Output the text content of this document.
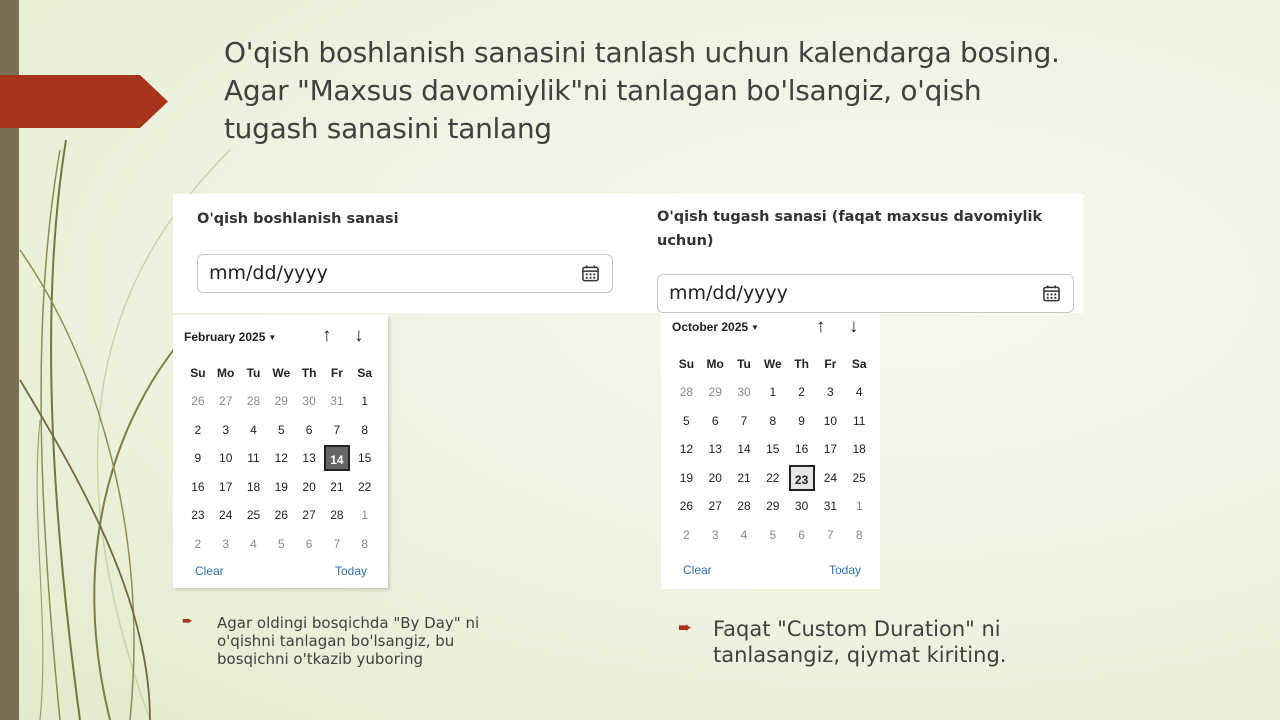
O'qish boshlanish sanasini tanlash uchun kalendarga bosing.
Agar "Maxsus davomiylik"ni tanlagan bo'lsangiz, o'qish
tugash sanasini tanlang
O'qish boshlanish sanasi
mm/dd/yyyy
O'qish tugash sanasi (faqat maxsus davomiylik
uchun)
mm/dd/yyyy
February 2025 ▼ ↑ ↓
Su Mo	Tu	We Th	Fr	Sa
26	27	28	29	30	31	1
2	3	4	5	6	7	8
9	10	11	12	13	14	15
16	17	18	19	20	21	22
23	24	25	26	27	28	1
2	3	4	5	6	7	8
Clear	Today
October 2025 ▼	↑ ↓
Su	Mo	Tu	We	Th	Fr	Sa
28	29	30	1	2	3	4
5	6	7	8	9	10	11
12	13	14	15	16	17	18
19	20	21	22	23	24	25
26	27	28	29	30	31	1
2	3	4	5	6	7	8
Clear	Today
➨ Agar oldingi bosqichda "By Day" ni
o'qishni tanlagan bo'lsangiz, bu
bosqichni o'tkazib yuboring
➨ Faqat "Custom Duration" ni
tanlasangiz, qiymat kiriting.
